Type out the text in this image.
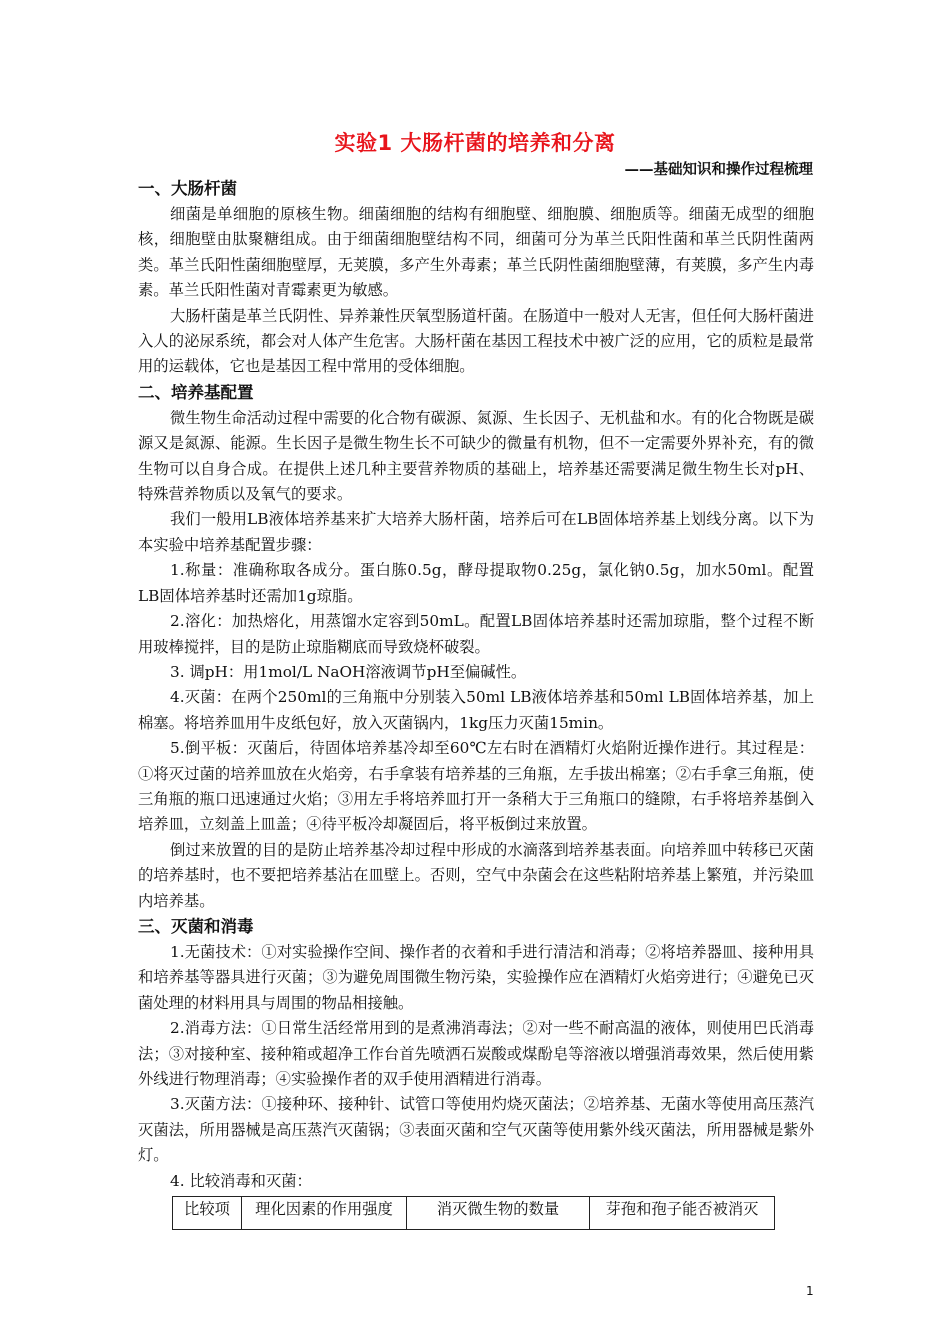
实验1 大肠杆菌的培养和分离
——基础知识和操作过程梳理
一、大肠杆菌

细菌是单细胞的原核生物。细菌细胞的结构有细胞壁、细胞膜、细胞质等。细菌无成型的细胞核，细胞壁由肽聚糖组成。由于细菌细胞壁结构不同，细菌可分为革兰氏阳性菌和革兰氏阴性菌两类。革兰氏阳性菌细胞壁厚，无荚膜，多产生外毒素；革兰氏阴性菌细胞壁薄，有荚膜，多产生内毒素。革兰氏阳性菌对青霉素更为敏感。

大肠杆菌是革兰氏阴性、异养兼性厌氧型肠道杆菌。在肠道中一般对人无害，但任何大肠杆菌进入人的泌尿系统，都会对人体产生危害。大肠杆菌在基因工程技术中被广泛的应用，它的质粒是最常用的运载体，它也是基因工程中常用的受体细胞。

二、培养基配置

微生物生命活动过程中需要的化合物有碳源、氮源、生长因子、无机盐和水。有的化合物既是碳源又是氮源、能源。生长因子是微生物生长不可缺少的微量有机物，但不一定需要外界补充，有的微生物可以自身合成。在提供上述几种主要营养物质的基础上，培养基还需要满足微生物生长对pH、特殊营养物质以及氧气的要求。

我们一般用LB液体培养基来扩大培养大肠杆菌，培养后可在LB固体培养基上划线分离。以下为本实验中培养基配置步骤：

1.称量：准确称取各成分。蛋白胨0.5g，酵母提取物0.25g，氯化钠0.5g，加水50ml。配置LB固体培养基时还需加1g琼脂。

2.溶化：加热熔化，用蒸馏水定容到50mL。配置LB固体培养基时还需加琼脂，整个过程不断用玻棒搅拌，目的是防止琼脂糊底而导致烧杯破裂。

3. 调pH：用1mol/L NaOH溶液调节pH至偏碱性。

4.灭菌：在两个250ml的三角瓶中分别装入50ml LB液体培养基和50ml LB固体培养基，加上棉塞。将培养皿用牛皮纸包好，放入灭菌锅内，1kg压力灭菌15min。

5.倒平板：灭菌后，待固体培养基冷却至60℃左右时在酒精灯火焰附近操作进行。其过程是：①将灭过菌的培养皿放在火焰旁，右手拿装有培养基的三角瓶，左手拔出棉塞；②右手拿三角瓶，使三角瓶的瓶口迅速通过火焰；③用左手将培养皿打开一条稍大于三角瓶口的缝隙，右手将培养基倒入培养皿，立刻盖上皿盖；④待平板冷却凝固后，将平板倒过来放置。

倒过来放置的目的是防止培养基冷却过程中形成的水滴落到培养基表面。向培养皿中转移已灭菌的培养基时，也不要把培养基沾在皿壁上。否则，空气中杂菌会在这些粘附培养基上繁殖，并污染皿内培养基。

三、灭菌和消毒

1.无菌技术：①对实验操作空间、操作者的衣着和手进行清洁和消毒；②将培养器皿、接种用具和培养基等器具进行灭菌；③为避免周围微生物污染，实验操作应在酒精灯火焰旁进行；④避免已灭菌处理的材料用具与周围的物品相接触。

2.消毒方法：①日常生活经常用到的是煮沸消毒法；②对一些不耐高温的液体，则使用巴氏消毒法；③对接种室、接种箱或超净工作台首先喷洒石炭酸或煤酚皂等溶液以增强消毒效果，然后使用紫外线进行物理消毒；④实验操作者的双手使用酒精进行消毒。

3.灭菌方法：①接种环、接种针、试管口等使用灼烧灭菌法；②培养基、无菌水等使用高压蒸汽灭菌法，所用器械是高压蒸汽灭菌锅；③表面灭菌和空气灭菌等使用紫外线灭菌法，所用器械是紫外灯。

4. 比较消毒和灭菌：

比较项	理化因素的作用强度	消灭微生物的数量	芽孢和孢子能否被消灭
1
